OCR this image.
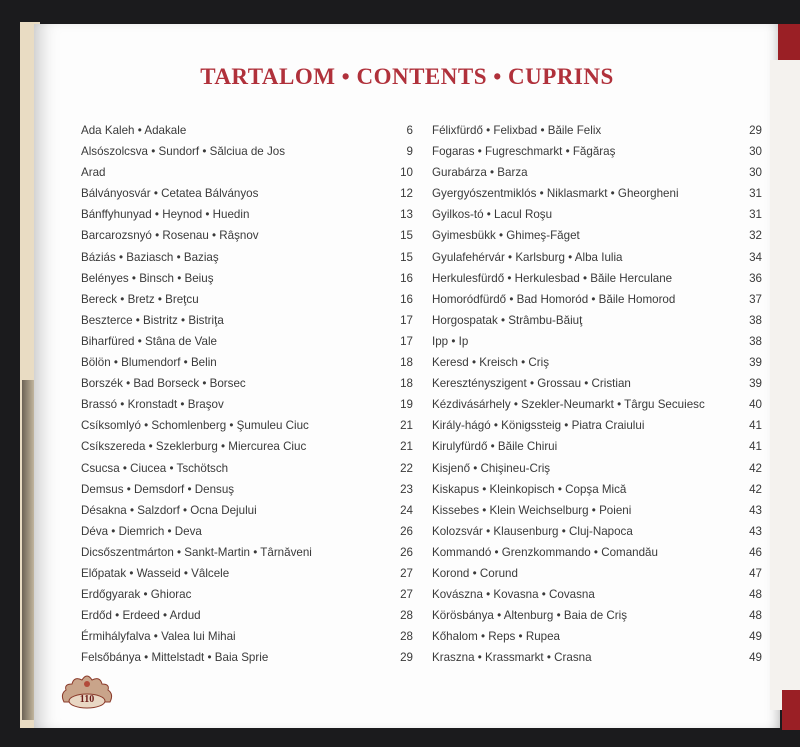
TARTALOM • CONTENTS • CUPRINS
Ada Kaleh • Adakale	6
Alsószolcsva • Sundorf • Sălciua de Jos	9
Arad	10
Bálványosvár • Cetatea Bálványos	12
Bánffyhunyad • Heynod • Huedin	13
Barcarozsnyó • Rosenau • Râşnov	15
Báziás • Baziasch • Baziaş	15
Belényes • Binsch • Beiuş	16
Bereck • Bretz • Breţcu	16
Beszterce • Bistritz • Bistriţa	17
Biharfüred • Stâna de Vale	17
Bölön • Blumendorf • Belin	18
Borszék • Bad Borseck • Borsec	18
Brassó • Kronstadt • Braşov	19
Csíksomlyó • Schomlenberg • Şumuleu Ciuc	21
Csíkszereda • Szeklerburg • Miercurea Ciuc	21
Csucsa • Ciucea • Tschötsch	22
Demsus • Demsdorf • Densuş	23
Désakna • Salzdorf • Ocna Dejului	24
Déva • Diemrich • Deva	26
Dicsőszentmárton • Sankt-Martin • Târnăveni	26
Előpatak • Wasseid • Vâlcele	27
Erdőgyarak • Ghiorac	27
Erdőd • Erdeed • Ardud	28
Érmihályfalva • Valea lui Mihai	28
Felsőbánya • Mittelstadt • Baia Sprie	29
Félixfürdő • Felixbad • Băile Felix	29
Fogaras • Fugreschmarkt • Făgăraş	30
Gurabárza • Barza	30
Gyergyószentmiklós • Niklasmarkt • Gheorgheni	31
Gyilkos-tó • Lacul Roşu	31
Gyimesbükk • Ghimeş-Făget	32
Gyulafehérvár • Karlsburg • Alba Iulia	34
Herkulesfürdő • Herkulesbad • Băile Herculane	36
Homoródfürdő • Bad Homoród • Băile Homorod	37
Horgospatak • Strâmbu-Băiuţ	38
Ipp • Ip	38
Keresd • Kreisch • Criş	39
Keresztényszigent • Grossau • Cristian	39
Kézdivásárhely • Szekler-Neumarkt • Târgu Secuiesc	40
Király-hágó • Königssteig • Piatra Craiului	41
Kirulyfürdő • Băile Chirui	41
Kisjenő • Chişineu-Criş	42
Kiskapus • Kleinkopisch • Copşa Mică	42
Kissebes • Klein Weichselburg • Poieni	43
Kolozsvár • Klausenburg • Cluj-Napoca	43
Kommandó • Grenzkommando • Comandău	46
Korond • Corund	47
Kovászna • Kovasna • Covasna	48
Körösbánya • Altenburg • Baia de Criş	48
Kőhalom • Reps • Rupea	49
Kraszna • Krassmarkt • Crasna	49
110
